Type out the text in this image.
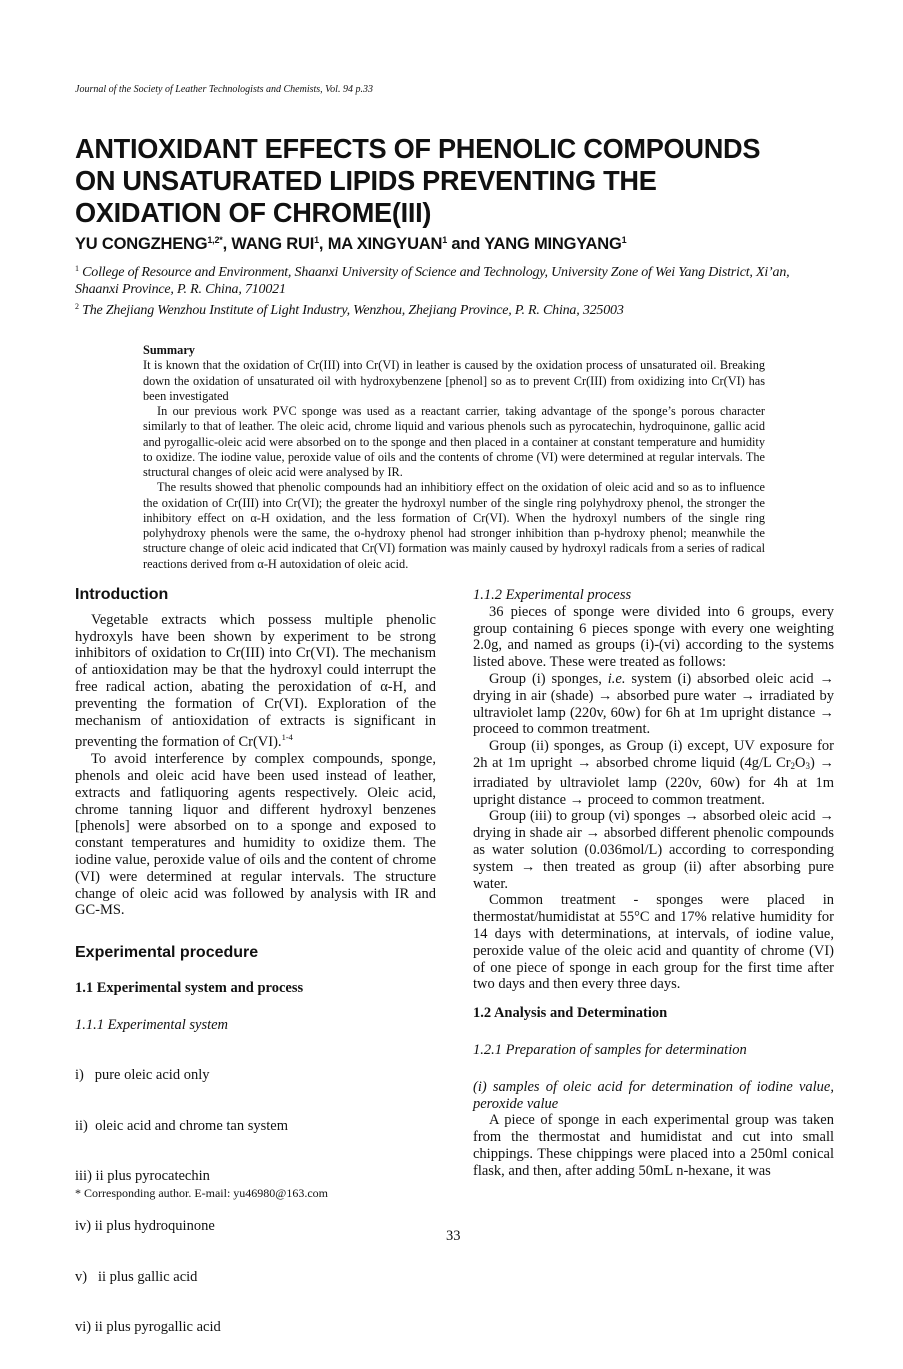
Journal of the Society of Leather Technologists and Chemists, Vol. 94 p.33
ANTIOXIDANT EFFECTS OF PHENOLIC COMPOUNDS
ON UNSATURATED LIPIDS PREVENTING THE
OXIDATION OF CHROME(III)
YU $CONGZHENG^{1,2*}$, WANG RUI$^1$, MA XINGYUAN$^1$ and YANG MINGYANG$^1$
$^1$ College of Resource and Environment, Shaanxi University of Science and Technology, University Zone of Wei Yang District, Xi’an, Shaanxi Province, P. R. China, 710021
$^2$ The Zhejiang Wenzhou Institute of Light Industry, Wenzhou, Zhejiang Province, P. R. China, 325003
Summary

It is known that the oxidation of Cr(III) into Cr(VI) in leather is caused by the oxidation process of unsaturated oil. Breaking down the oxidation of unsaturated oil with hydroxybenzene [phenol] so as to prevent Cr(III) from oxidizing into Cr(VI) has been investigated

In our previous work PVC sponge was used as a reactant carrier, taking advantage of the sponge’s porous character similarly to that of leather. The oleic acid, chrome liquid and various phenols such as pyrocatechin, hydroquinone, gallic acid and pyrogallic-oleic acid were absorbed on to the sponge and then placed in a container at constant temperature and humidity to oxidize. The iodine value, peroxide value of oils and the contents of chrome (VI) were determined at regular intervals. The structural changes of oleic acid were analysed by IR.

The results showed that phenolic compounds had an inhibitiory effect on the oxidation of oleic acid and so as to influence the oxidation of Cr(III) into Cr(VI); the greater the hydroxyl number of the single ring polyhydroxy phenol, the stronger the inhibitory effect on α-H oxidation, and the less formation of Cr(VI). When the hydroxyl numbers of the single ring polyhydroxy phenols were the same, the o-hydroxy phenol had stronger inhibition than p-hydroxy phenol; meanwhile the structure change of oleic acid indicated that Cr(VI) formation was mainly caused by hydroxyl radicals from a series of radical reactions derived from α-H autoxidation of oleic acid.

Introduction

Vegetable extracts which possess multiple phenolic hydroxyls have been shown by experiment to be strong inhibitors of oxidation to Cr(III) into Cr(VI). The mechanism of antioxidation may be that the hydroxyl could interrupt the free radical action, abating the peroxidation of α-H, and preventing the formation of Cr(VI). Exploration of the mechanism of antioxidation of extracts is significant in preventing the formation of Cr(VI).$^{1-4}$

To avoid interference by complex compounds, sponge, phenols and oleic acid have been used instead of leather, extracts and fatliquoring agents respectively. Oleic acid, chrome tanning liquor and different hydroxyl benzenes [phenols] were absorbed on to a sponge and exposed to constant temperatures and humidity to oxidize them. The iodine value, peroxide value of oils and the content of chrome (VI) were determined at regular intervals. The structure change of oleic acid was followed by analysis with IR and GC-MS.

Experimental procedure
1.1 Experimental system and process
1.1.1 Experimental system

i)   pure oleic acid only

ii)  oleic acid and chrome tan system

iii) ii plus pyrocatechin

iv) ii plus hydroquinone

v)   ii plus gallic acid

vi) ii plus pyrogallic acid

1.1.2 Experimental process

36 pieces of sponge were divided into 6 groups, every group containing 6 pieces sponge with every one weighting 2.0g, and named as groups (i)-(vi) according to the systems listed above. These were treated as follows:

Group (i) sponges, i.e. system (i) absorbed oleic acid → drying in air (shade) → absorbed pure water → irradiated by ultraviolet lamp (220v, 60w) for 6h at 1m upright distance → proceed to common treatment.

Group (ii) sponges, as Group (i) except, UV exposure for 2h at 1m upright → absorbed chrome liquid (4g/L $Cr_2O_3$) → irradiated by ultraviolet lamp (220v, 60w) for 4h at 1m upright distance → proceed to common treatment.

Group (iii) to group (vi) sponges → absorbed oleic acid → drying in shade air → absorbed different phenolic compounds as water solution (0.036mol/L) according to corresponding system → then treated as group (ii) after absorbing pure water.

Common treatment - sponges were placed in thermostat/humidistat at 55°C and 17% relative humidity for 14 days with determinations, at intervals, of iodine value, peroxide value of the oleic acid and quantity of chrome (VI) of one piece of sponge in each group for the first time after two days and then every three days.

1.2 Analysis and Determination
1.2.1 Preparation of samples for determination
(i) samples of oleic acid for determination of iodine value, peroxide value

A piece of sponge in each experimental group was taken from the thermostat and humidistat and cut into small chippings. These chippings were placed into a 250ml conical flask, and then, after adding 50mL n-hexane, it was

* Corresponding author. E-mail: yu46980@163.com
33
